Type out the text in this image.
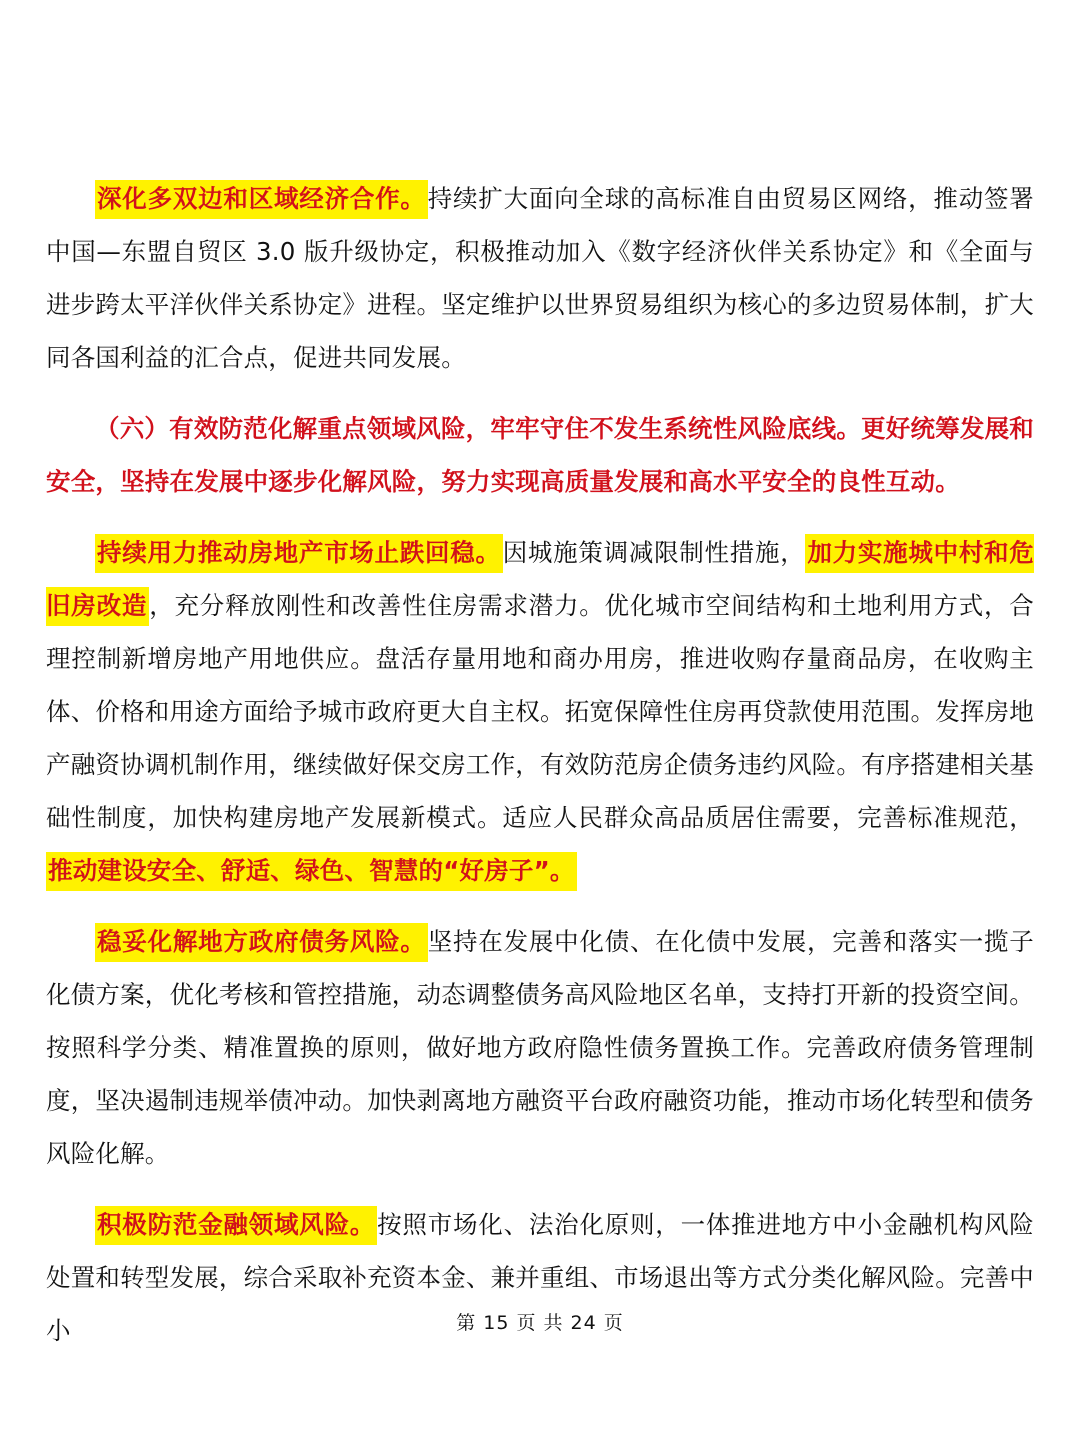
深化多双边和区域经济合作。持续扩大面向全球的高标准自由贸易区网络，推动签署中国—东盟自贸区 3.0 版升级协定，积极推动加入《数字经济伙伴关系协定》和《全面与进步跨太平洋伙伴关系协定》进程。坚定维护以世界贸易组织为核心的多边贸易体制，扩大同各国利益的汇合点，促进共同发展。

（六）有效防范化解重点领域风险，牢牢守住不发生系统性风险底线。更好统筹发展和安全，坚持在发展中逐步化解风险，努力实现高质量发展和高水平安全的良性互动。

持续用力推动房地产市场止跌回稳。因城施策调减限制性措施，加力实施城中村和危旧房改造，充分释放刚性和改善性住房需求潜力。优化城市空间结构和土地利用方式，合理控制新增房地产用地供应。盘活存量用地和商办用房，推进收购存量商品房，在收购主体、价格和用途方面给予城市政府更大自主权。拓宽保障性住房再贷款使用范围。发挥房地产融资协调机制作用，继续做好保交房工作，有效防范房企债务违约风险。有序搭建相关基础性制度，加快构建房地产发展新模式。适应人民群众高品质居住需要，完善标准规范，推动建设安全、舒适、绿色、智慧的“好房子”。

稳妥化解地方政府债务风险。坚持在发展中化债、在化债中发展，完善和落实一揽子化债方案，优化考核和管控措施，动态调整债务高风险地区名单，支持打开新的投资空间。按照科学分类、精准置换的原则，做好地方政府隐性债务置换工作。完善政府债务管理制度，坚决遏制违规举债冲动。加快剥离地方融资平台政府融资功能，推动市场化转型和债务风险化解。

积极防范金融领域风险。按照市场化、法治化原则，一体推进地方中小金融机构风险处置和转型发展，综合采取补充资本金、兼并重组、市场退出等方式分类化解风险。完善中小	第 15 页 共 24 页
